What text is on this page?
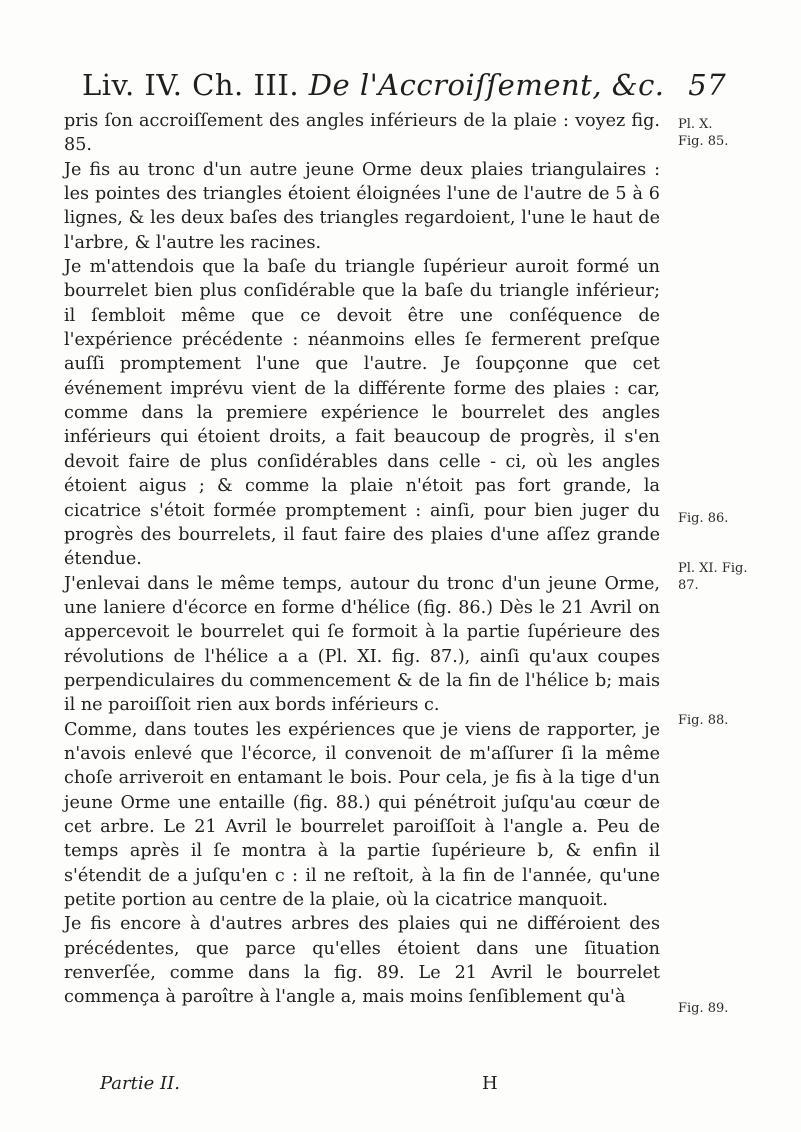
Liv. IV. Ch. III. De l'Accroiſſement, &c. 57

pris ſon accroiſſement des angles inférieurs de la plaie : voyez fig. 85.

Je fis au tronc d'un autre jeune Orme deux plaies triangulaires : les pointes des triangles étoient éloignées l'une de l'autre de 5 à 6 lignes, & les deux baſes des triangles regardoient, l'une le haut de l'arbre, & l'autre les racines.

Je m'attendois que la baſe du triangle ſupérieur auroit formé un bourrelet bien plus conſidérable que la baſe du triangle inférieur; il ſembloit même que ce devoit être une conſéquence de l'expérience précédente : néanmoins elles ſe fermerent preſque auſſi promptement l'une que l'autre. Je ſoupçonne que cet événement imprévu vient de la différente forme des plaies : car, comme dans la premiere expérience le bourrelet des angles inférieurs qui étoient droits, a fait beaucoup de progrès, il s'en devoit faire de plus conſidérables dans celle - ci, où les angles étoient aigus ; & comme la plaie n'étoit pas fort grande, la cicatrice s'étoit formée promptement : ainſi, pour bien juger du progrès des bourrelets, il faut faire des plaies d'une aſſez grande étendue.

J'enlevai dans le même temps, autour du tronc d'un jeune Orme, une laniere d'écorce en forme d'hélice (fig. 86.) Dès le 21 Avril on appercevoit le bourrelet qui ſe formoit à la partie ſupérieure des révolutions de l'hélice a a (Pl. XI. fig. 87.), ainſi qu'aux coupes perpendiculaires du commencement & de la fin de l'hélice b; mais il ne paroiſſoit rien aux bords inférieurs c.

Comme, dans toutes les expériences que je viens de rapporter, je n'avois enlevé que l'écorce, il convenoit de m'aſſurer ſi la même choſe arriveroit en entamant le bois. Pour cela, je fis à la tige d'un jeune Orme une entaille (fig. 88.) qui pénétroit juſqu'au cœur de cet arbre. Le 21 Avril le bourrelet paroiſſoit à l'angle a. Peu de temps après il ſe montra à la partie ſupérieure b, & enfin il s'étendit de a juſqu'en c : il ne reſtoit, à la fin de l'année, qu'une petite portion au centre de la plaie, où la cicatrice manquoit.

Je fis encore à d'autres arbres des plaies qui ne différoient des précédentes, que parce qu'elles étoient dans une ſituation renverſée, comme dans la fig. 89. Le 21 Avril le bourrelet commença à paroître à l'angle a, mais moins ſenſiblement qu'à

Pl. X.
Fig. 85.
Fig. 86.
Pl. XI. Fig.
87.
Fig. 88.
Fig. 89.
Partie II.	H
